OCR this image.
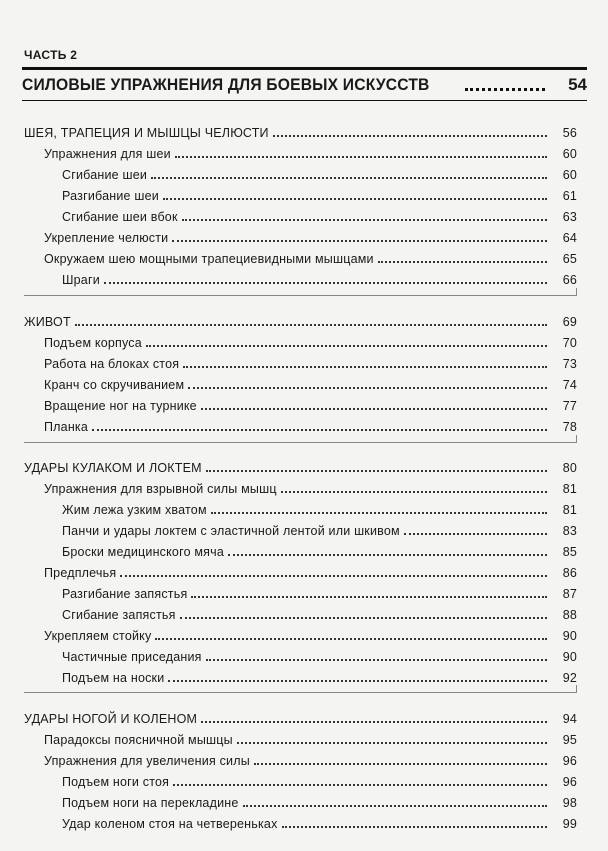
ЧАСТЬ 2
СИЛОВЫЕ УПРАЖНЕНИЯ ДЛЯ БОЕВЫХ ИСКУССТВ	54
ШЕЯ, ТРАПЕЦИЯ И МЫШЦЫ ЧЕЛЮСТИ	56
Упражнения для шеи	60
Сгибание шеи	60
Разгибание шеи	61
Сгибание шеи вбок	63
Укрепление челюсти	64
Окружаем шею мощными трапециевидными мышцами	65
Шраги	66
ЖИВОТ	69
Подъем корпуса	70
Работа на блоках стоя	73
Кранч со скручиванием	74
Вращение ног на турнике	77
Планка	78
УДАРЫ КУЛАКОМ И ЛОКТЕМ	80
Упражнения для взрывной силы мышц	81
Жим лежа узким хватом	81
Панчи и удары локтем с эластичной лентой или шкивом	83
Броски медицинского мяча	85
Предплечья	86
Разгибание запястья	87
Сгибание запястья	88
Укрепляем стойку	90
Частичные приседания	90
Подъем на носки	92
УДАРЫ НОГОЙ И КОЛЕНОМ	94
Парадоксы поясничной мышцы	95
Упражнения для увеличения силы	96
Подъем ноги стоя	96
Подъем ноги на перекладине	98
Удар коленом стоя на четвереньках	99
